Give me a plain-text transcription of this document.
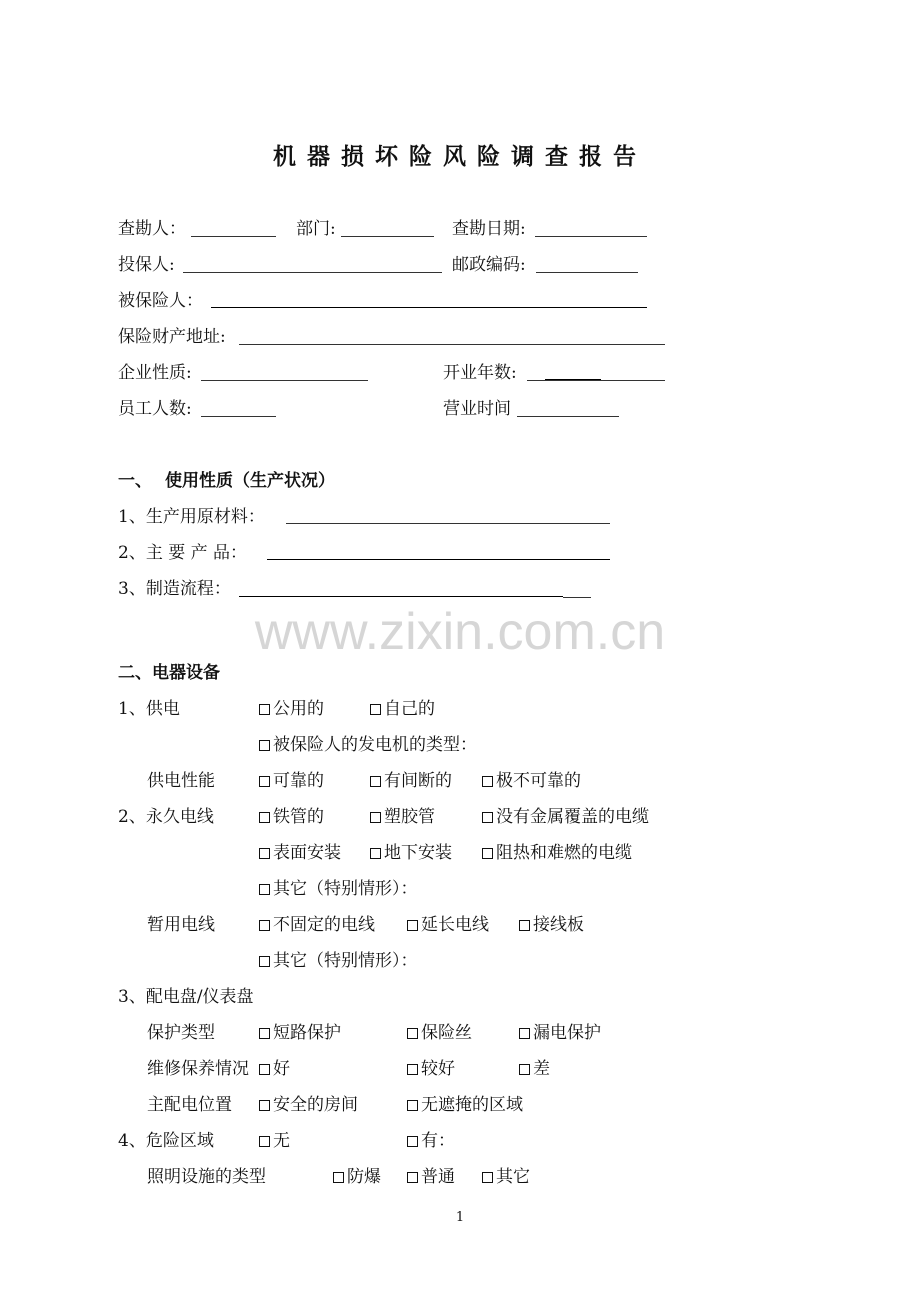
机器损坏险风险调查报告
查勘人：	部门:	查勘日期:
投保人:	邮政编码:
被保险人：
保险财产地址:
企业性质:	开业年数:
员工人数:	营业时间
一、 使用性质（生产状况）
1、生产用原材料：
2、主 要 产 品：
3、制造流程：
www.zixin.com.cn
二、电器设备
1、供电	公用的	自己的
被保险人的发电机的类型：
供电性能	可靠的	有间断的	极不可靠的
2、永久电线	铁管的	塑胶管	没有金属覆盖的电缆
表面安装	地下安装	阻热和难燃的电缆
其它（特别情形）：
暂用电线	不固定的电线	延长电线	接线板
其它（特别情形）：
3、配电盘/仪表盘
保护类型	短路保护	保险丝	漏电保护
维修保养情况	好	较好	差
主配电位置	安全的房间	无遮掩的区域
4、危险区域	无	有：
照明设施的类型	防爆	普通	其它
1
